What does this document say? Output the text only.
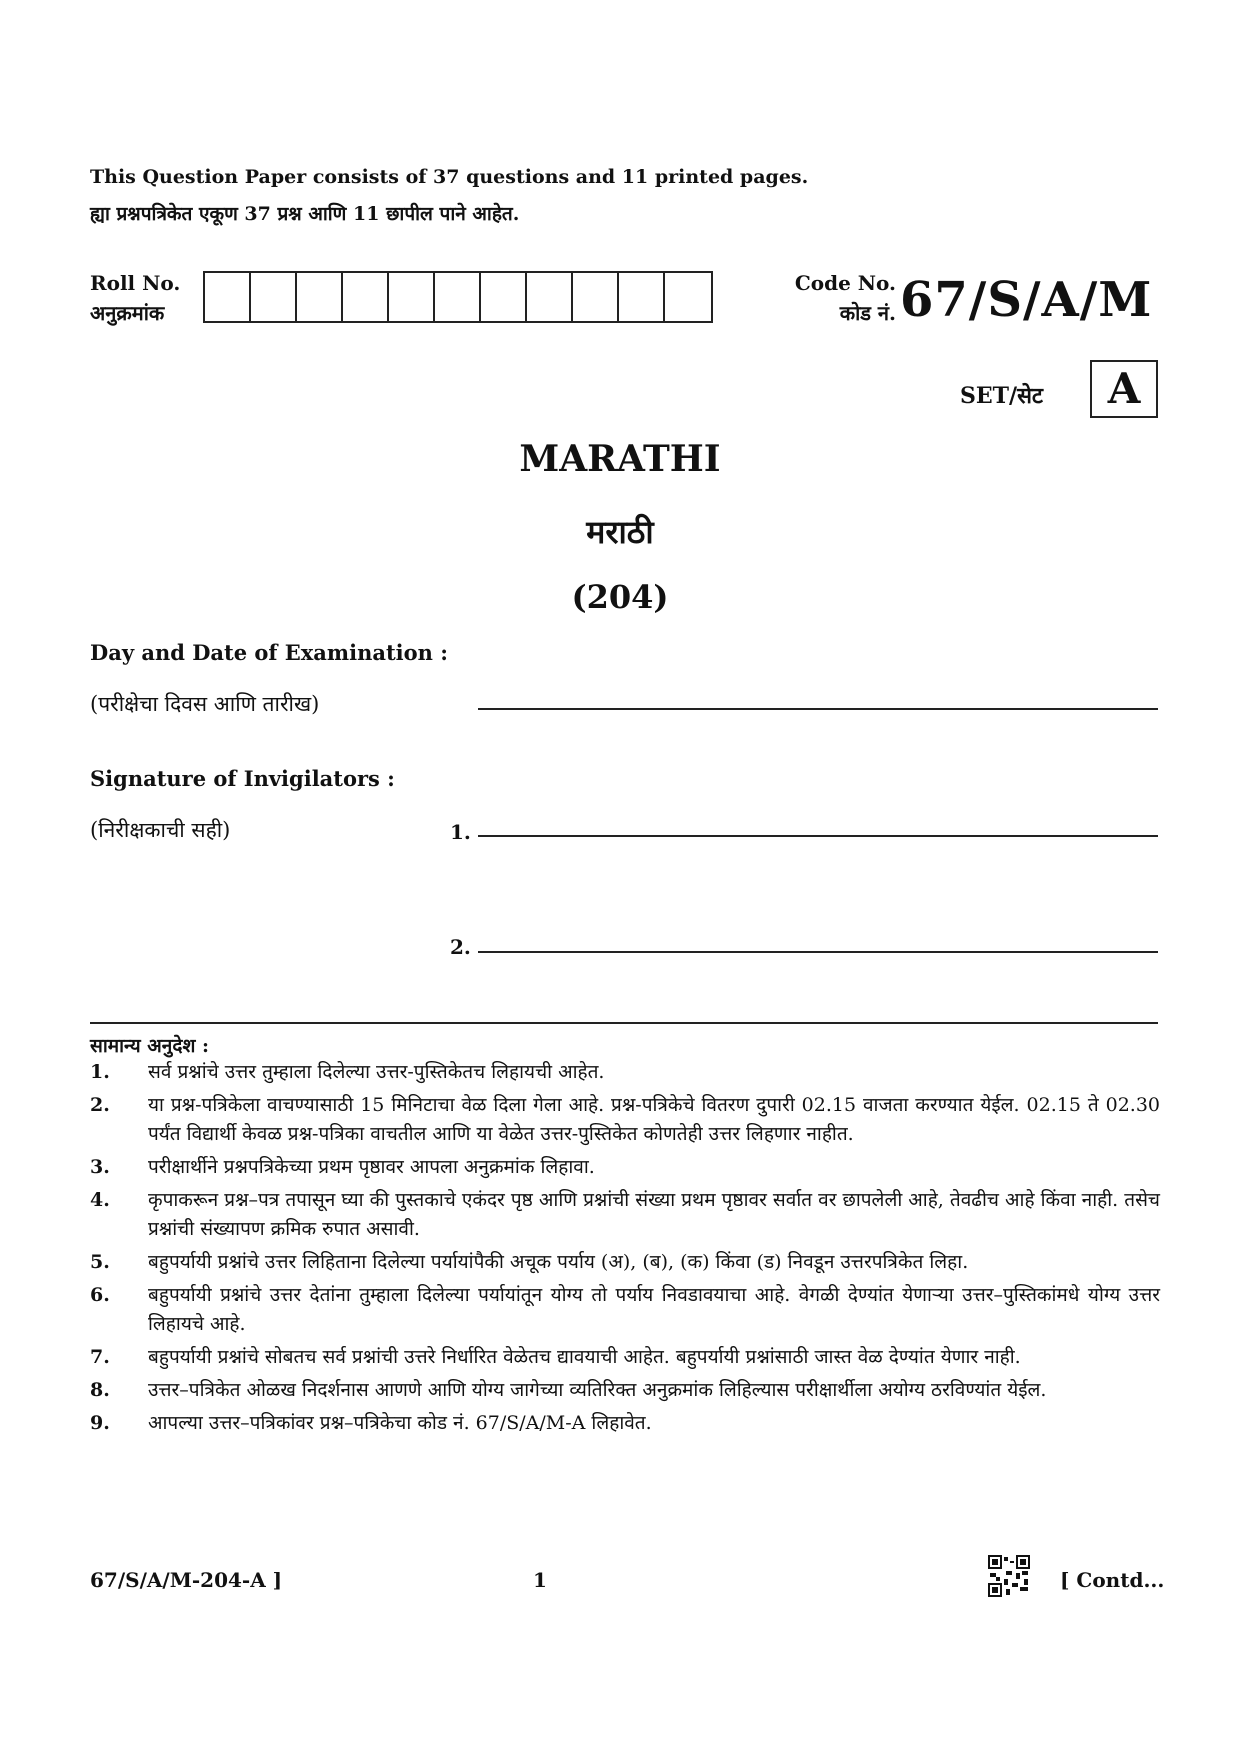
This Question Paper consists of 37 questions and 11 printed pages.
ह्या प्रश्नपत्रिकेत एकूण 37 प्रश्न आणि 11 छापील पाने आहेत.
Roll No.
अनुक्रमांक
Code No.
कोड नं. 67/S/A/M
SET/सेट	A
MARATHI
मराठी
(204)
Day and Date of Examination :
(परीक्षेचा दिवस आणि तारीख)
Signature of Invigilators :
(निरीक्षकाची सही)	1.
2.
सामान्य अनुदेश :
1.	सर्व प्रश्नांचे उत्तर तुम्हाला दिलेल्या उत्तर-पुस्तिकेतच लिहायची आहेत.
2.	या प्रश्न-पत्रिकेला वाचण्यासाठी 15 मिनिटाचा वेळ दिला गेला आहे. प्रश्न-पत्रिकेचे वितरण दुपारी 02.15 वाजता करण्यात येईल. 02.15 ते 02.30 पर्यंत विद्यार्थी केवळ प्रश्न-पत्रिका वाचतील आणि या वेळेत उत्तर-पुस्तिकेत कोणतेही उत्तर लिहणार नाहीत.
3.	परीक्षार्थीने प्रश्नपत्रिकेच्या प्रथम पृष्ठावर आपला अनुक्रमांक लिहावा.
4.	कृपाकरून प्रश्न–पत्र तपासून घ्या की पुस्तकाचे एकंदर पृष्ठ आणि प्रश्नांची संख्या प्रथम पृष्ठावर सर्वात वर छापलेली आहे, तेवढीच आहे किंवा नाही. तसेच प्रश्नांची संख्यापण क्रमिक रुपात असावी.
5.	बहुपर्यायी प्रश्नांचे उत्तर लिहिताना दिलेल्या पर्यायांपैकी अचूक पर्याय (अ), (ब), (क) किंवा (ड) निवडून उत्तरपत्रिकेत लिहा.
6.	बहुपर्यायी प्रश्नांचे उत्तर देतांना तुम्हाला दिलेल्या पर्यायांतून योग्य तो पर्याय निवडावयाचा आहे. वेगळी देण्यांत येणाऱ्या उत्तर–पुस्तिकांमधे योग्य उत्तर लिहायचे आहे.
7.	बहुपर्यायी प्रश्नांचे सोबतच सर्व प्रश्नांची उत्तरे निर्धारित वेळेतच द्यावयाची आहेत. बहुपर्यायी प्रश्नांसाठी जास्त वेळ देण्यांत येणार नाही.
8.	उत्तर–पत्रिकेत ओळख निदर्शनास आणणे आणि योग्य जागेच्या व्यतिरिक्त अनुक्रमांक लिहिल्यास परीक्षार्थीला अयोग्य ठरविण्यांत येईल.
9.	आपल्या उत्तर–पत्रिकांवर प्रश्न–पत्रिकेचा कोड नं. 67/S/A/M-A लिहावेत.
67/S/A/M-204-A ]	1	[ Contd...
